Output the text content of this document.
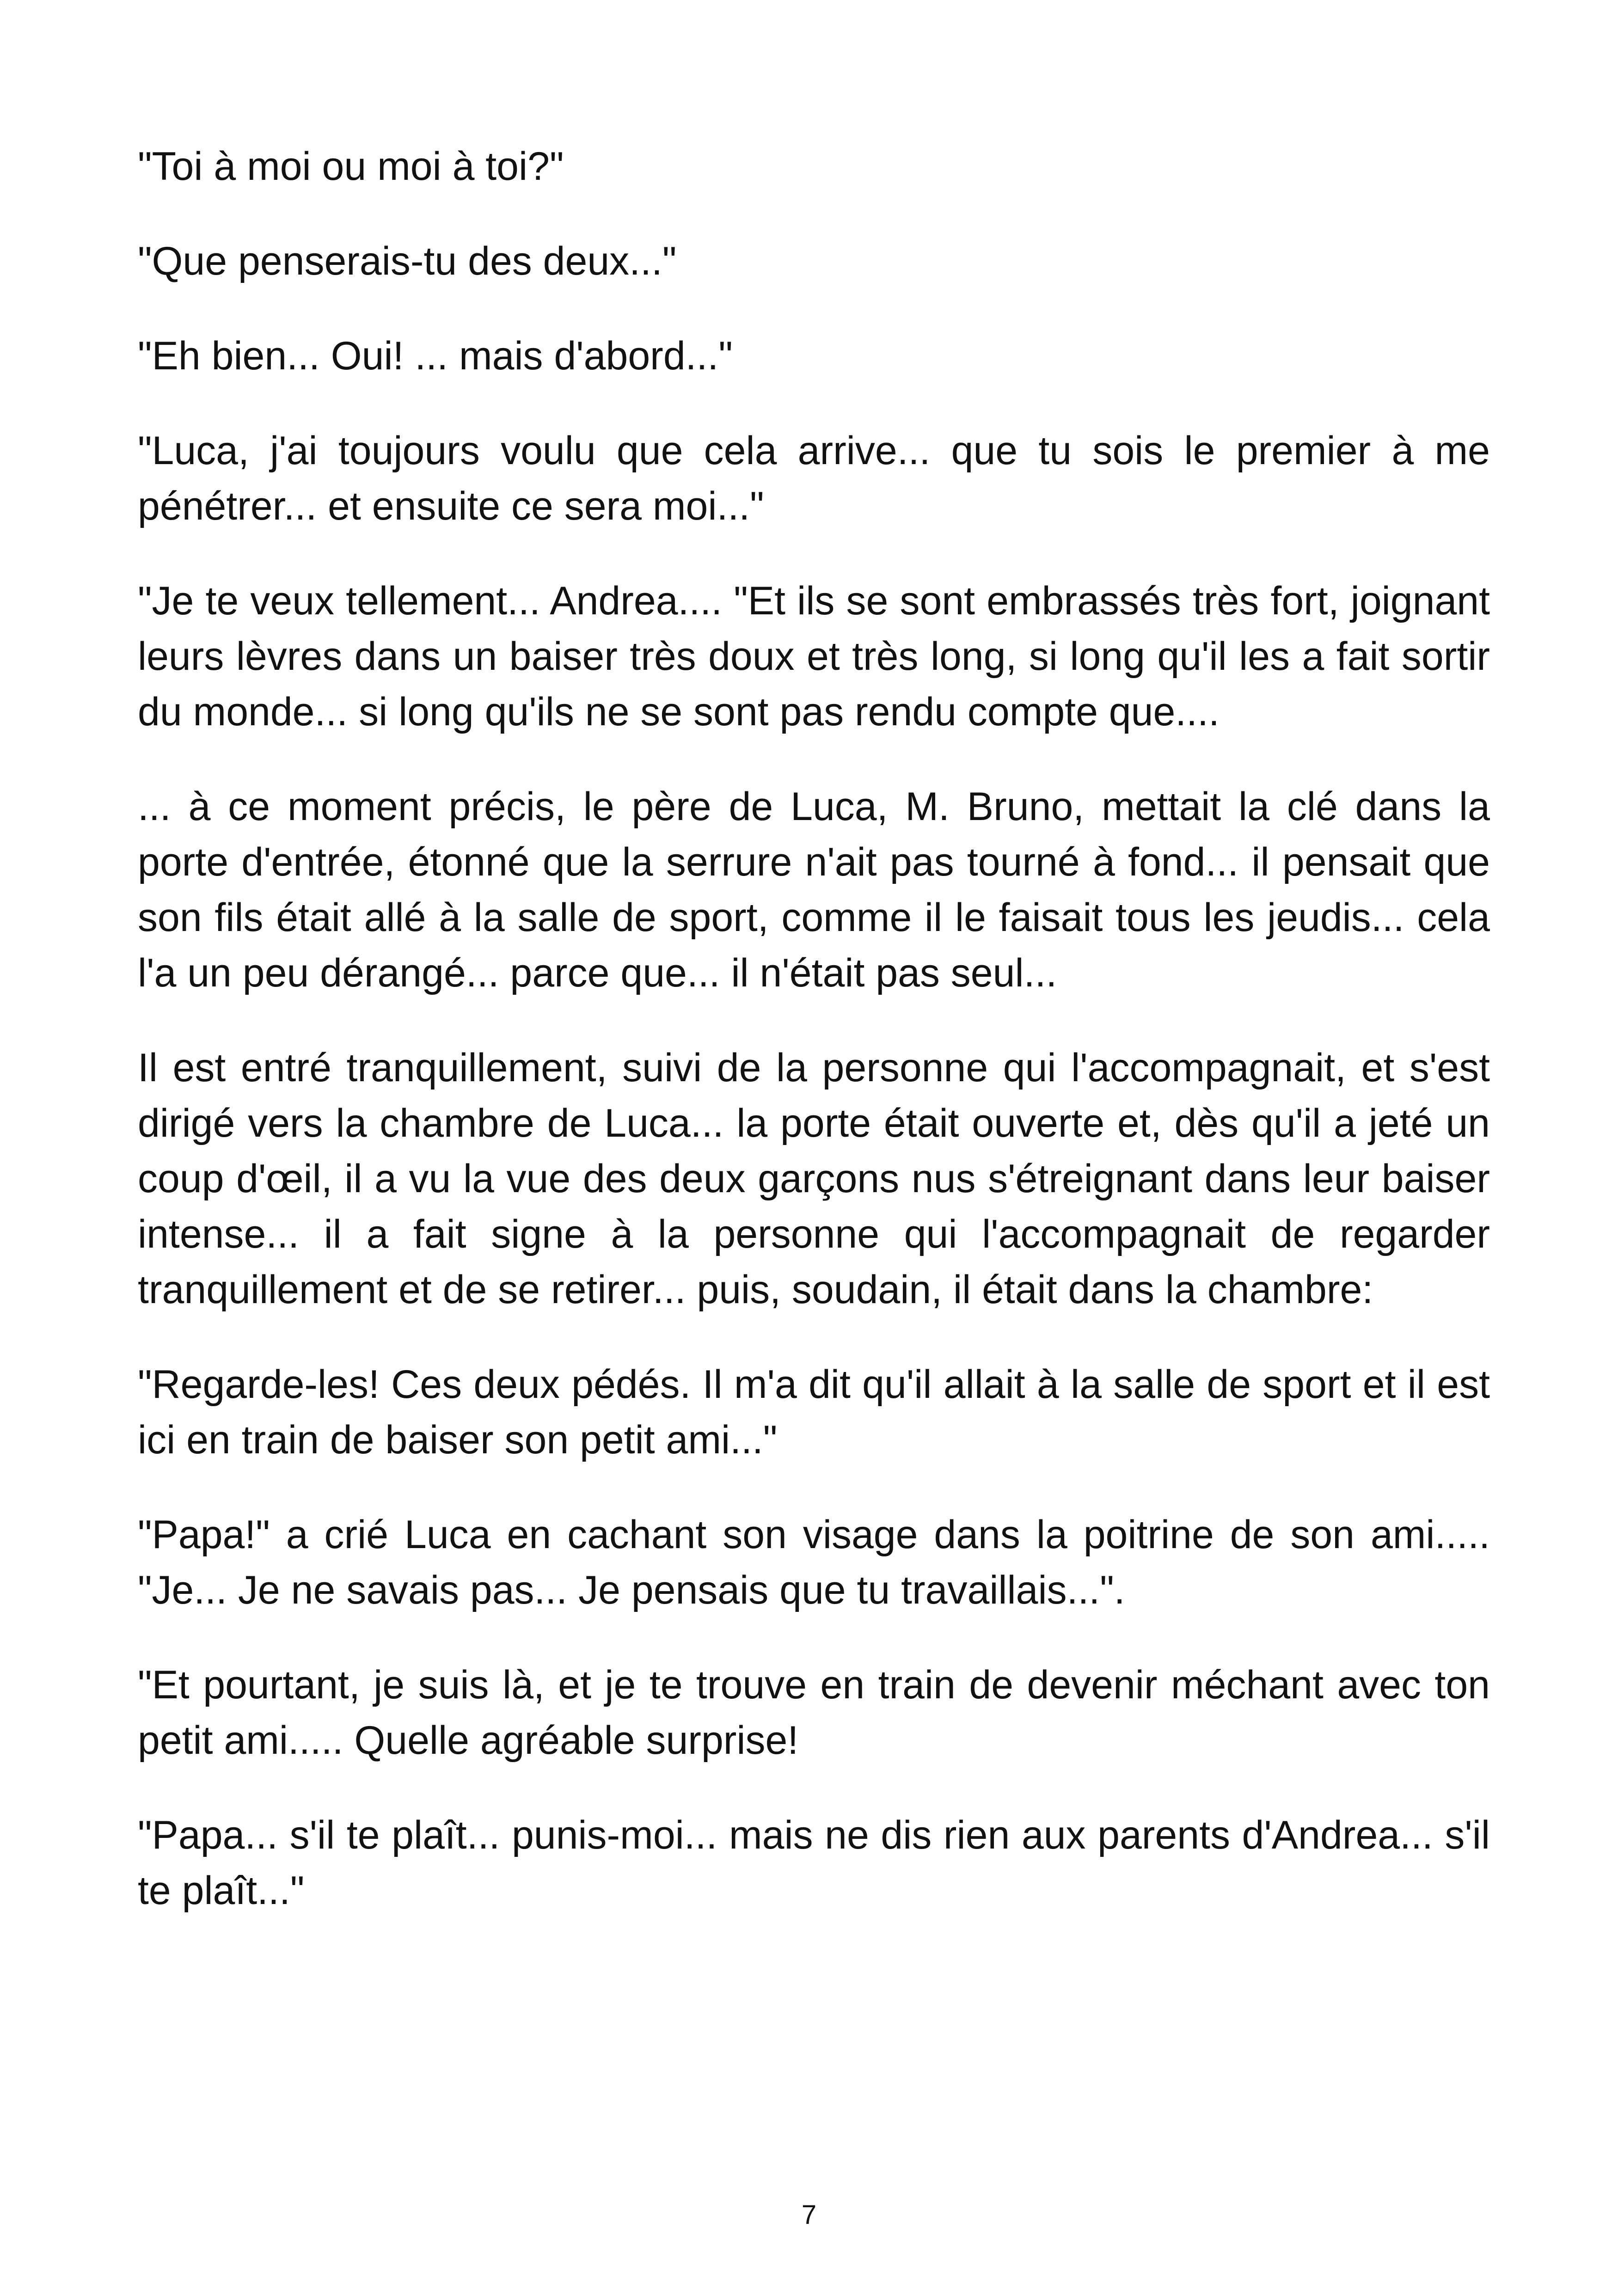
"Toi à moi ou moi à toi?"

"Que penserais-tu des deux..."

"Eh bien... Oui! ... mais d'abord..."

"Luca, j'ai toujours voulu que cela arrive... que tu sois le premier à me pénétrer... et ensuite ce sera moi..."

"Je te veux tellement... Andrea.... "Et ils se sont embrassés très fort, joignant leurs lèvres dans un baiser très doux et très long, si long qu'il les a fait sortir du monde... si long qu'ils ne se sont pas rendu compte que....

... à ce moment précis, le père de Luca, M. Bruno, mettait la clé dans la porte d'entrée, étonné que la serrure n'ait pas tourné à fond... il pensait que son fils était allé à la salle de sport, comme il le faisait tous les jeudis... cela l'a un peu dérangé... parce que... il n'était pas seul...

Il est entré tranquillement, suivi de la personne qui l'accompagnait, et s'est dirigé vers la chambre de Luca... la porte était ouverte et, dès qu'il a jeté un coup d'œil, il a vu la vue des deux garçons nus s'étreignant dans leur baiser intense... il a fait signe à la personne qui l'accompagnait de regarder tranquillement et de se retirer... puis, soudain, il était dans la chambre:

"Regarde-les! Ces deux pédés. Il m'a dit qu'il allait à la salle de sport et il est ici en train de baiser son petit ami..."

"Papa!" a crié Luca en cachant son visage dans la poitrine de son ami..... "Je... Je ne savais pas... Je pensais que tu travaillais...".

"Et pourtant, je suis là, et je te trouve en train de devenir méchant avec ton petit ami..... Quelle agréable surprise!

"Papa... s'il te plaît... punis-moi... mais ne dis rien aux parents d'Andrea... s'il te plaît..."

7
